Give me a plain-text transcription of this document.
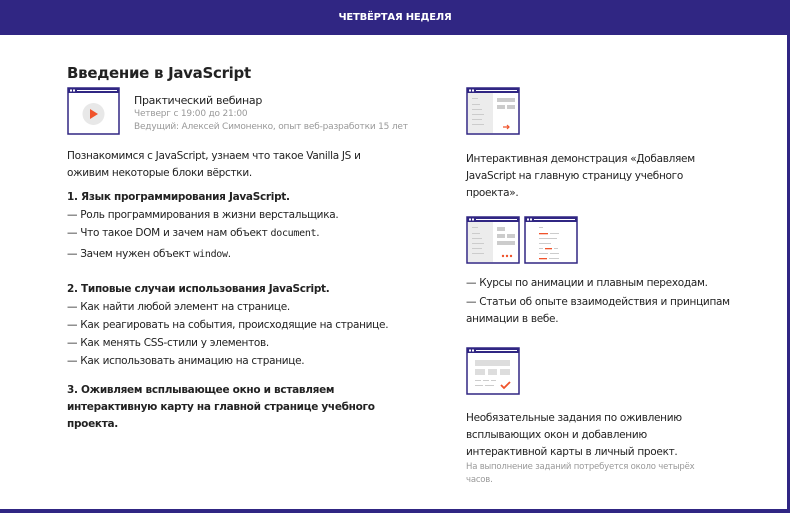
ЧЕТВЁРТАЯ НЕДЕЛЯ
Введение в JavaScript
Практический вебинар
Четверг с 19:00 до 21:00
Ведущий: Алексей Симоненко, опыт веб-разработки 15 лет
Познакомимся с JavaScript, узнаем что такое Vanilla JS и оживим некоторые блоки вёрстки.
1. Язык программирования JavaScript.
— Роль программирования в жизни верстальщика.
— Что такое DOM и зачем нам объект document.
— Зачем нужен объект window.
2. Типовые случаи использования JavaScript.
— Как найти любой элемент на странице.
— Как реагировать на события, происходящие на странице.
— Как менять CSS-стили у элементов.
— Как использовать анимацию на странице.
3. Оживляем всплывающее окно и вставляем интерактивную карту на главной странице учебного проекта.
Интерактивная демонстрация «Добавляем JavaScript на главную страницу учебного проекта».
— Курсы по анимации и плавным переходам.
— Статьи об опыте взаимодействия и принципам анимации в вебе.
Необязательные задания по оживлению всплывающих окон и добавлению интерактивной карты в личный проект.
На выполнение заданий потребуется около четырёх часов.
